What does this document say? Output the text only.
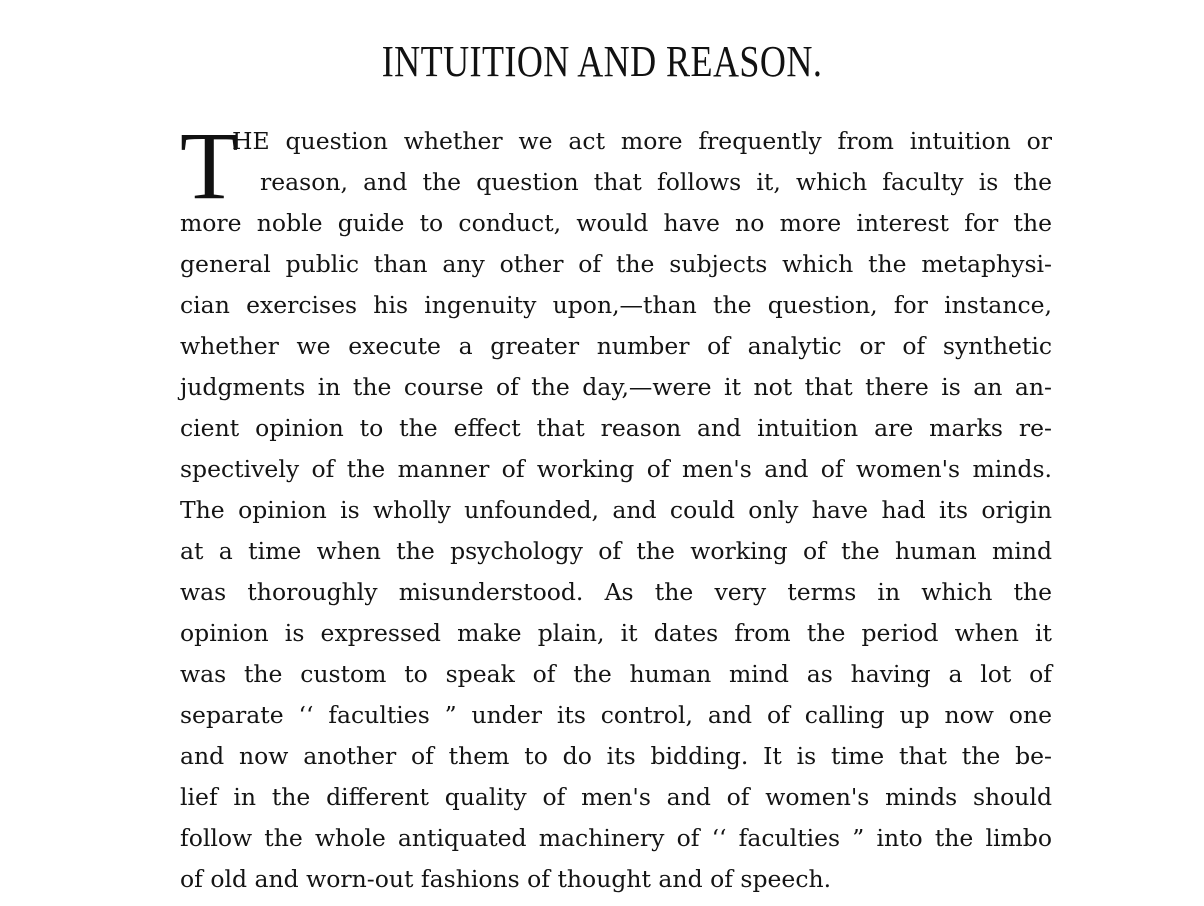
INTUITION AND REASON.
T
HE question whether we act more frequently from intuition or
reason, and the question that follows it, which faculty is the
more noble guide to conduct, would have no more interest for the
general public than any other of the subjects which the metaphysi-
cian exercises his ingenuity upon,—than the question, for instance,
whether we execute a greater number of analytic or of synthetic
judgments in the course of the day,—were it not that there is an an-
cient opinion to the effect that reason and intuition are marks re-
spectively of the manner of working of men's and of women's minds.
The opinion is wholly unfounded, and could only have had its origin
at a time when the psychology of the working of the human mind
was thoroughly misunderstood. As the very terms in which the
opinion is expressed make plain, it dates from the period when it
was the custom to speak of the human mind as having a lot of
separate ‘‘ faculties ” under its control, and of calling up now one
and now another of them to do its bidding. It is time that the be-
lief in the different quality of men's and of women's minds should
follow the whole antiquated machinery of ‘‘ faculties ” into the limbo
of old and worn-out fashions of thought and of speech.
